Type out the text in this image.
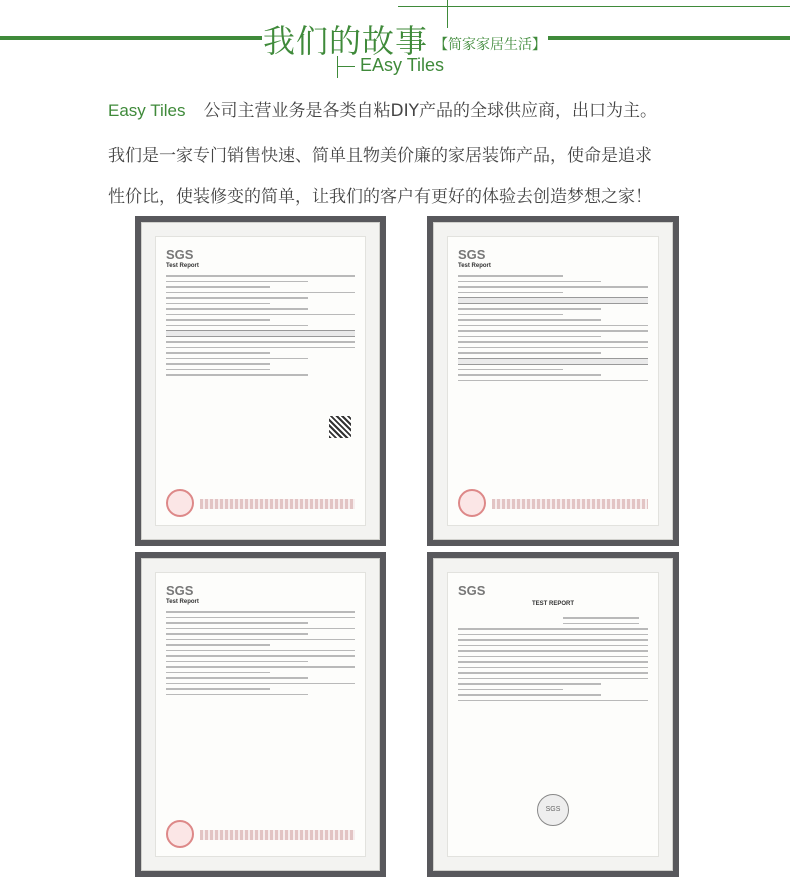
我们的故事 【简家家居生活】
EAsy Tiles
Easy Tiles 公司主营业务是各类自粘DIY产品的全球供应商，出口为主。
我们是一家专门销售快速、简单且物美价廉的家居装饰产品，使命是追求
性价比，使装修变的简单，让我们的客户有更好的体验去创造梦想之家！
SGS
Test Report
SGS
Test Report
SGS
Test Report
SGS
TEST REPORT
SGS
